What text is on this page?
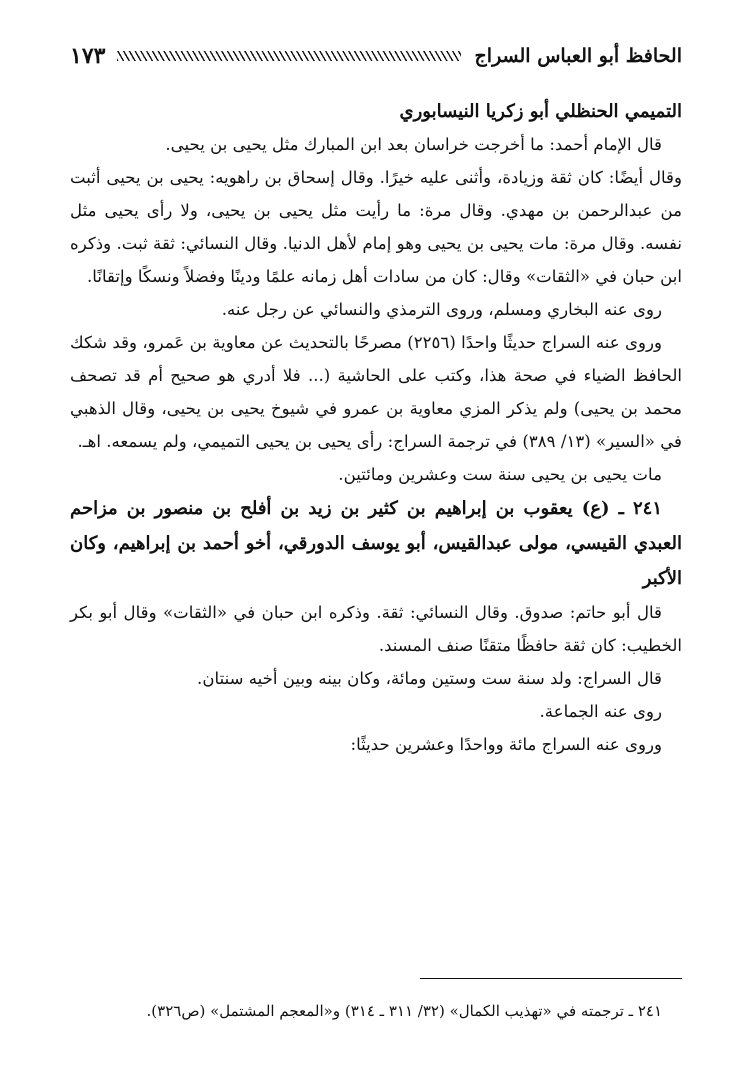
الحافظ أبو العباس السراج
١٧٣

التميمي الحنظلي أبو زكريا النيسابوري

قال الإمام أحمد: ما أخرجت خراسان بعد ابن المبارك مثل يحيى بن يحيى.

وقال أيضًا: كان ثقة وزيادة، وأثنى عليه خيرًا. وقال إسحاق بن راهويه: يحيى بن يحيى أثبت من عبدالرحمن بن مهدي. وقال مرة: ما رأيت مثل يحيى بن يحيى، ولا رأى يحيى مثل نفسه. وقال مرة: مات يحيى بن يحيى وهو إمام لأهل الدنيا. وقال النسائي: ثقة ثبت. وذكره ابن حبان في «الثقات» وقال: كان من سادات أهل زمانه علمًا ودينًا وفضلاً ونسكًا وإتقانًا.

روى عنه البخاري ومسلم، وروى الترمذي والنسائي عن رجل عنه.

وروى عنه السراج حديثًا واحدًا (٢٢٥٦) مصرحًا بالتحديث عن معاوية بن عَمرو، وقد شكك الحافظ الضياء في صحة هذا، وكتب على الحاشية (... فلا أدري هو صحيح أم قد تصحف محمد بن يحيى) ولم يذكر المزي معاوية بن عمرو في شيوخ يحيى بن يحيى، وقال الذهبي في «السير» (١٣/ ٣٨٩) في ترجمة السراج: رأى يحيى بن يحيى التميمي، ولم يسمعه. اهـ.

مات يحيى بن يحيى سنة ست وعشرين ومائتين.

٢٤١ ـ (ع) يعقوب بن إبراهيم بن كثير بن زيد بن أفلح بن منصور بن مزاحم العبدي القيسي، مولى عبدالقيس، أبو يوسف الدورقي، أخو أحمد بن إبراهيم، وكان الأكبر

قال أبو حاتم: صدوق. وقال النسائي: ثقة. وذكره ابن حبان في «الثقات» وقال أبو بكر الخطيب: كان ثقة حافظًا متقنًا صنف المسند.

قال السراج: ولد سنة ست وستين ومائة، وكان بينه وبين أخيه سنتان.

روى عنه الجماعة.

وروى عنه السراج مائة وواحدًا وعشرين حديثًا:

٢٤١ ـ ترجمته في «تهذيب الكمال» (٣٢/ ٣١١ ـ ٣١٤) و«المعجم المشتمل» (ص٣٢٦).
